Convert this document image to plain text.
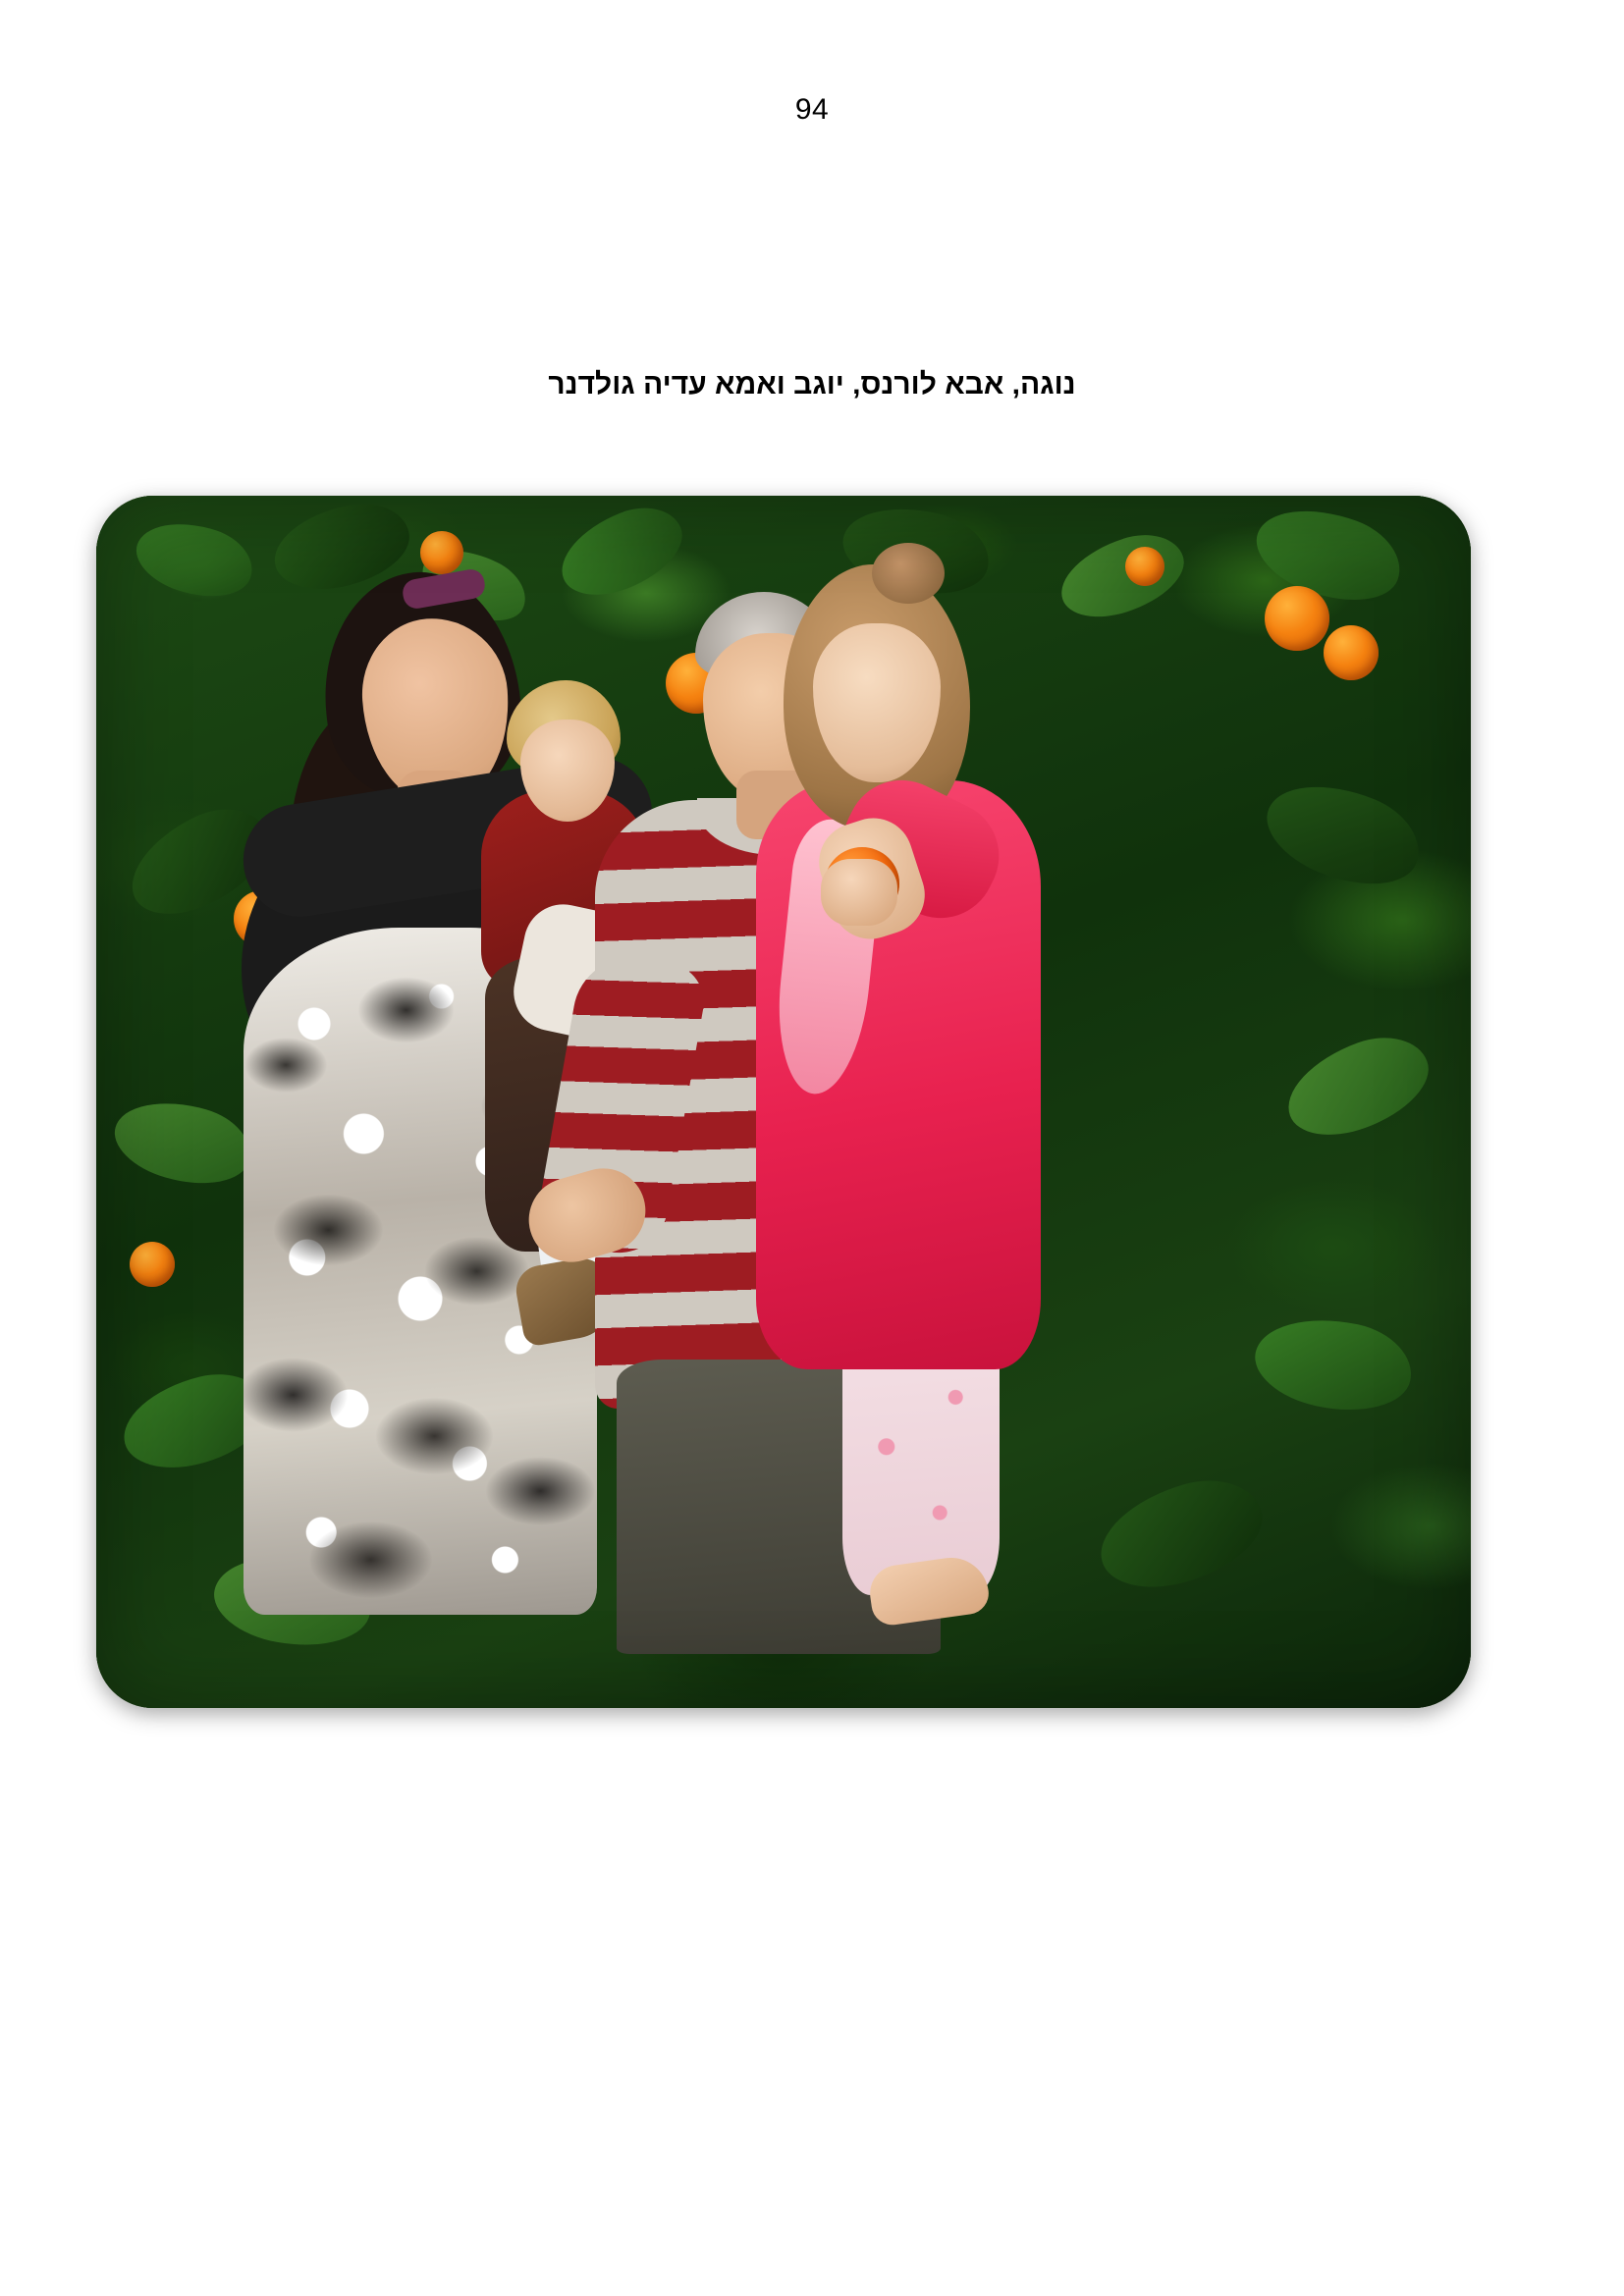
94
נוגה, אבא לורנס, יוגב ואמא עדיה גולדנר
